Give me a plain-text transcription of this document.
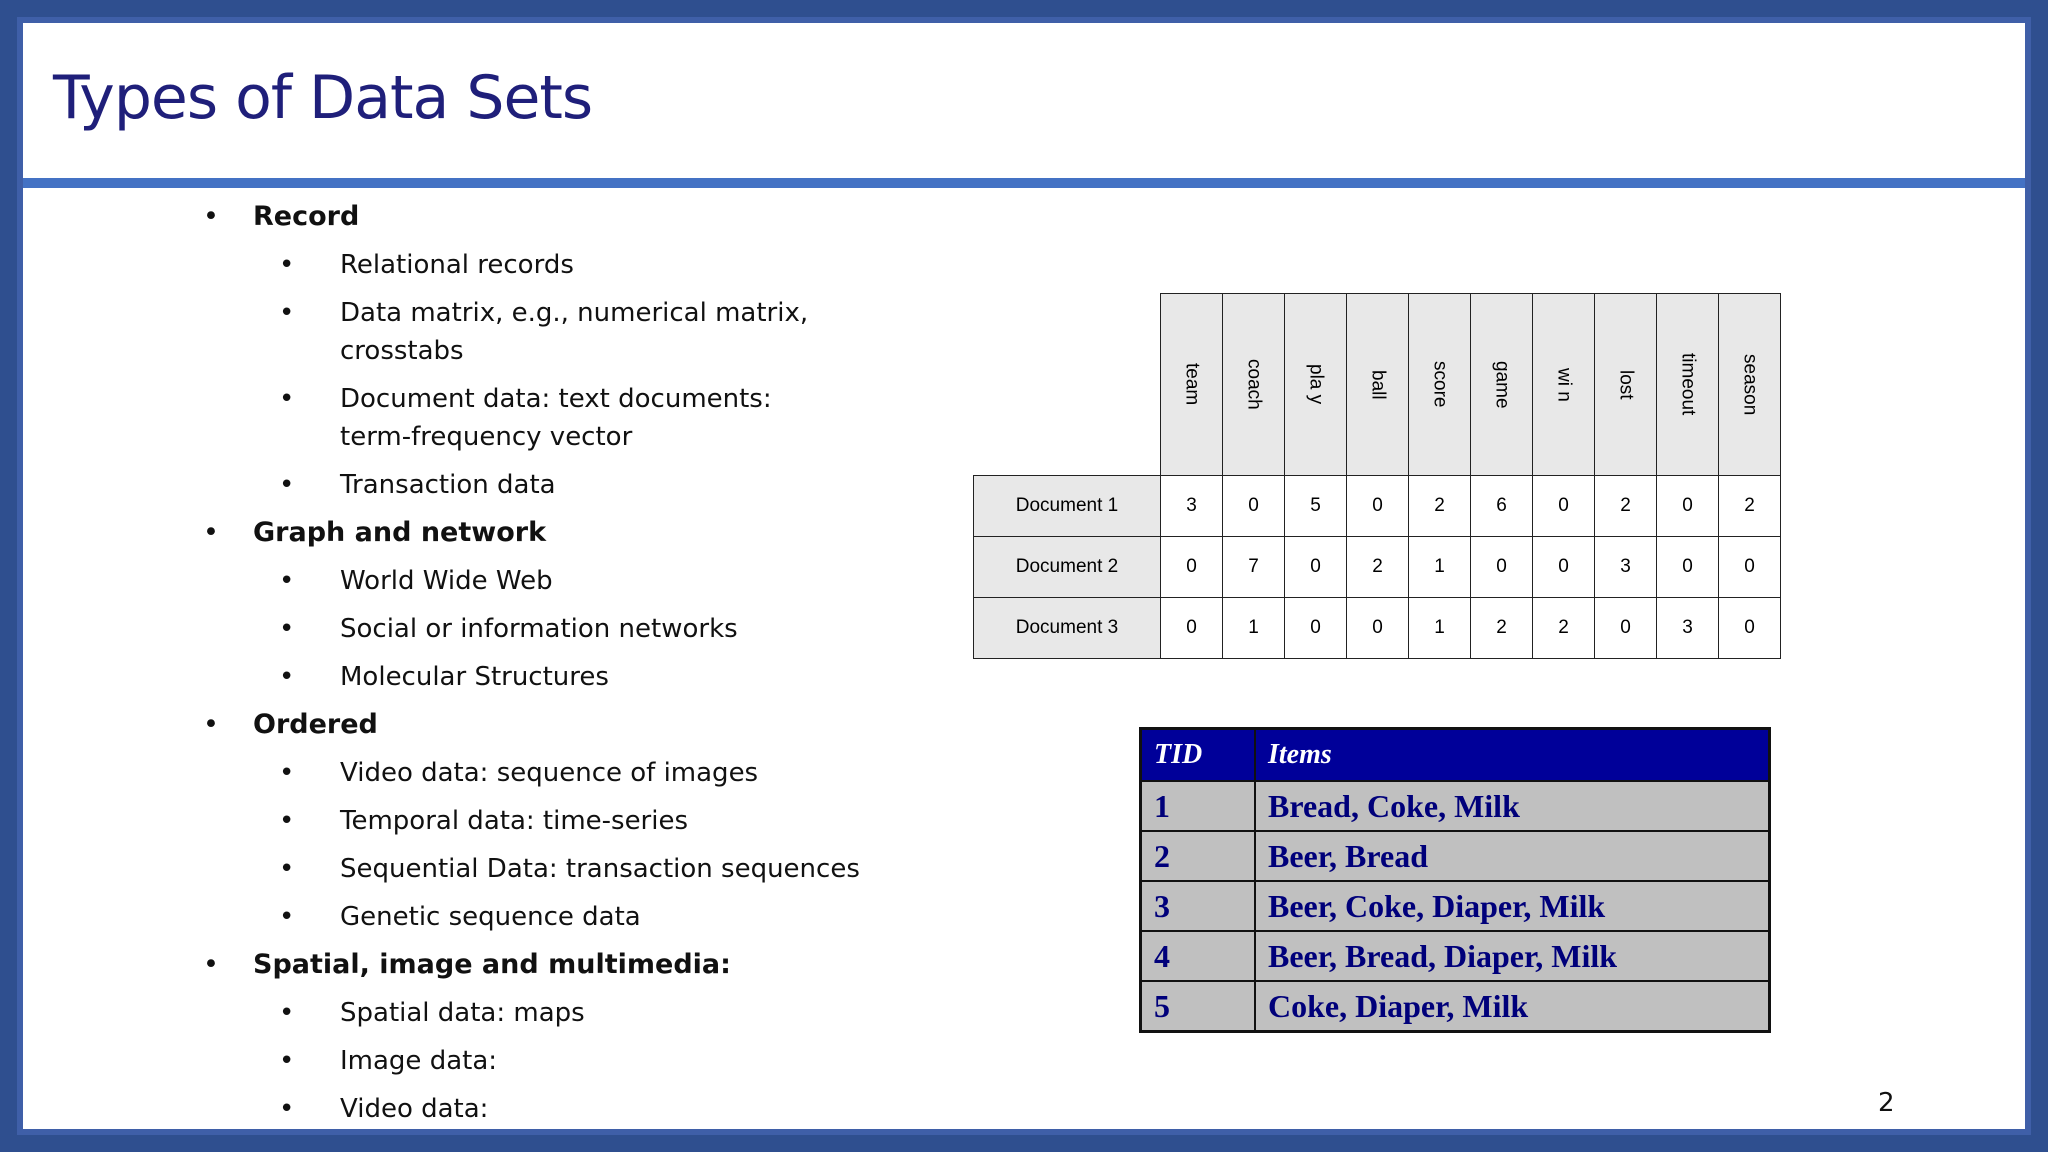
Types of Data Sets
• Record
• Relational records
• Data matrix, e.g., numerical matrix, crosstabs
• Document data: text documents: term-frequency vector
• Transaction data
• Graph and network
• World Wide Web
• Social or information networks
• Molecular Structures
• Ordered
• Video data: sequence of images
• Temporal data: time-series
• Sequential Data: transaction sequences
• Genetic sequence data
• Spatial, image and multimedia:
• Spatial data: maps
• Image data:
• Video data:

	team	coach	pla y	ball	score	game	wi n	lost	timeout	season

Document 1	3	0	5	0	2	6	0	2	0	2
Document 2	0	7	0	2	1	0	0	3	0	0
Document 3	0	1	0	0	1	2	2	0	3	0
TID	Items
1	Bread, Coke, Milk
2	Beer, Bread
3	Beer, Coke, Diaper, Milk
4	Beer, Bread, Diaper, Milk
5	Coke, Diaper, Milk
2
